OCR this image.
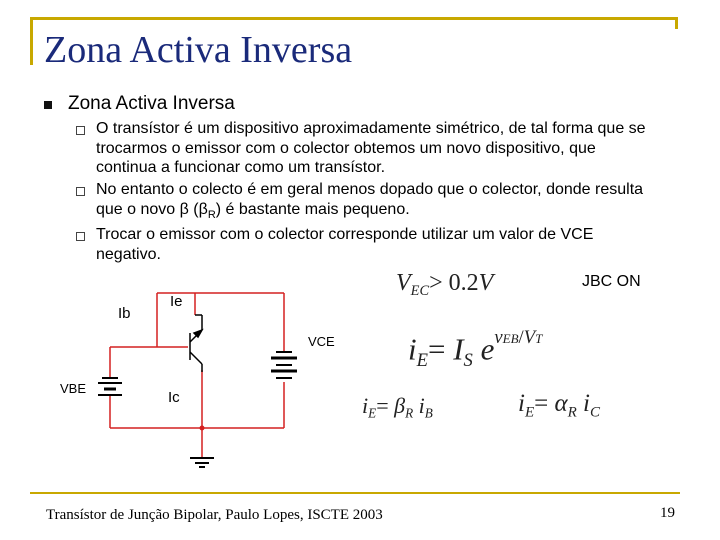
Zona Activa Inversa
Zona Activa Inversa
O transístor é um dispositivo aproximadamente simétrico, de tal forma que se trocarmos o emissor com o colector obtemos um novo dispositivo, que continua a funcionar como um transístor.
No entanto o colecto é em geral menos dopado que o colector, donde resulta que o novo β $(\beta_R)$ é bastante mais pequeno.
Trocar o emissor com o colector corresponde utilizar um valor de VCE negativo.
Ib
Ie
VCE
VBE
Ic
JBC ON
$V_{EC}> 0.2V$
$i_E= I_S$ $e^{vEB/VT}$
$i_E= \beta_R$ $i_B$	$i_E= \alpha_R$ $i_C$
Transístor de Junção Bipolar, Paulo Lopes, ISCTE 2003	19
